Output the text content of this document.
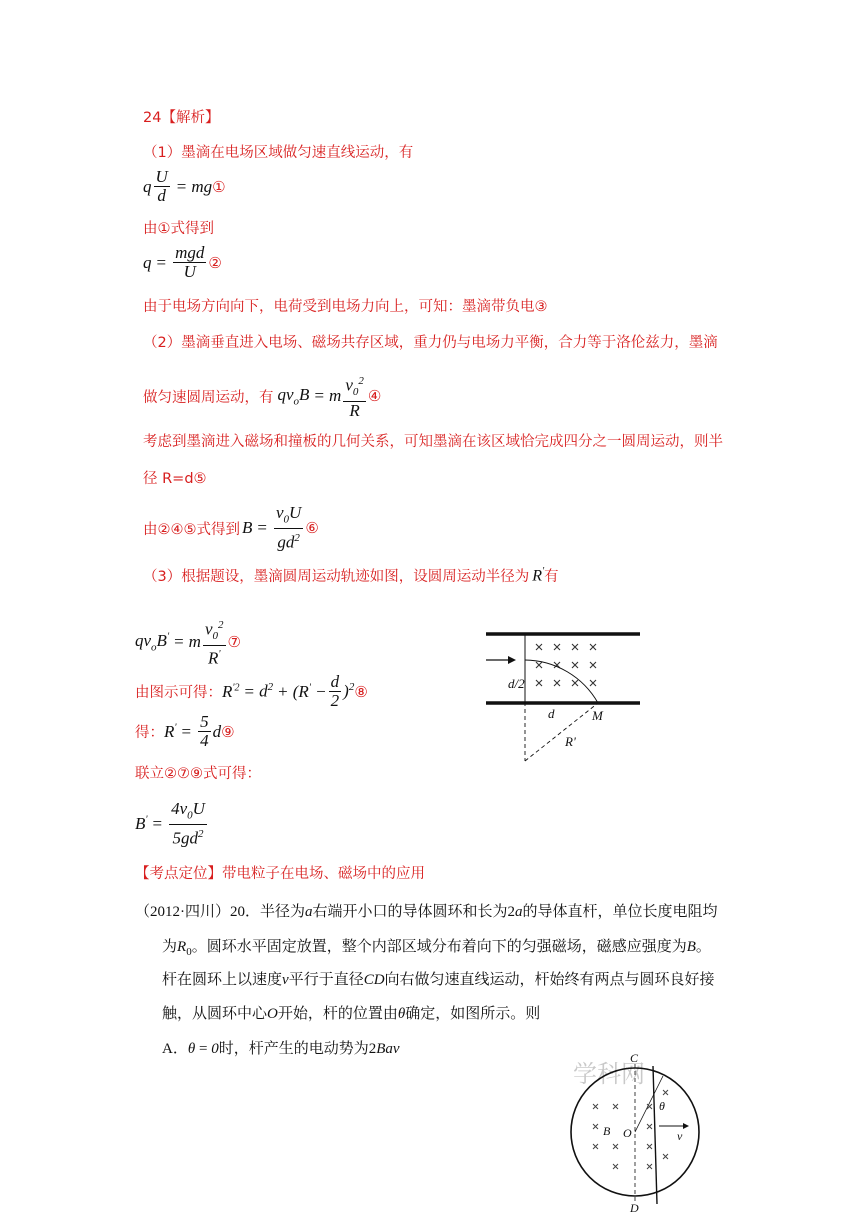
24【解析】
（1）墨滴在电场区域做匀速直线运动，有
q $\frac{U}{d}$ = mg ①
由①式得到
$q = \frac{\text{mgd}}{U}$ ②
由于电场方向向下，电荷受到电场力向上，可知：墨滴带负电③
（2）墨滴垂直进入电场、磁场共存区域，重力仍与电场力平衡，合力等于洛伦兹力，墨滴
做匀速圆周运动，有 $qv_oB = m \frac{v_0^2}{R}$ ④
考虑到墨滴进入磁场和撞板的几何关系，可知墨滴在该区域恰完成四分之一圆周运动，则半
径 R=d⑤
由②④⑤式得到 $B = \frac{v_0U}{gd^2}$ ⑥
（3）根据题设，墨滴圆周运动轨迹如图，设圆周运动半径为 R' 有
$qv_oB' = m \frac{v_0^2}{R'}$ ⑦
由图示可得： $R^{'2} = d^2 + (R' - \frac{d}{2} )^2$ ⑧
得： $R' = \frac{5}{4}$ d ⑨
联立②⑦⑨式可得：
$B' = \frac{4v_0U}{5gd^2}$
d/2
d	M
R'
【考点定位】带电粒子在电场、磁场中的应用
（2012·四川）20．半径为a右端开小口的导体圆环和长为2a的导体直杆，单位长度电阻均
为$R_0$。圆环水平固定放置，整个内部区域分布着向下的匀强磁场，磁感应强度为B。
杆在圆环上以速度v平行于直径CD向右做匀速直线运动，杆始终有两点与圆环良好接
触，从圆环中心O开始，杆的位置由θ确定，如图所示。则
A．θ = 0时，杆产生的电动势为2Bav
学科网
C
D
B O	v
θ
